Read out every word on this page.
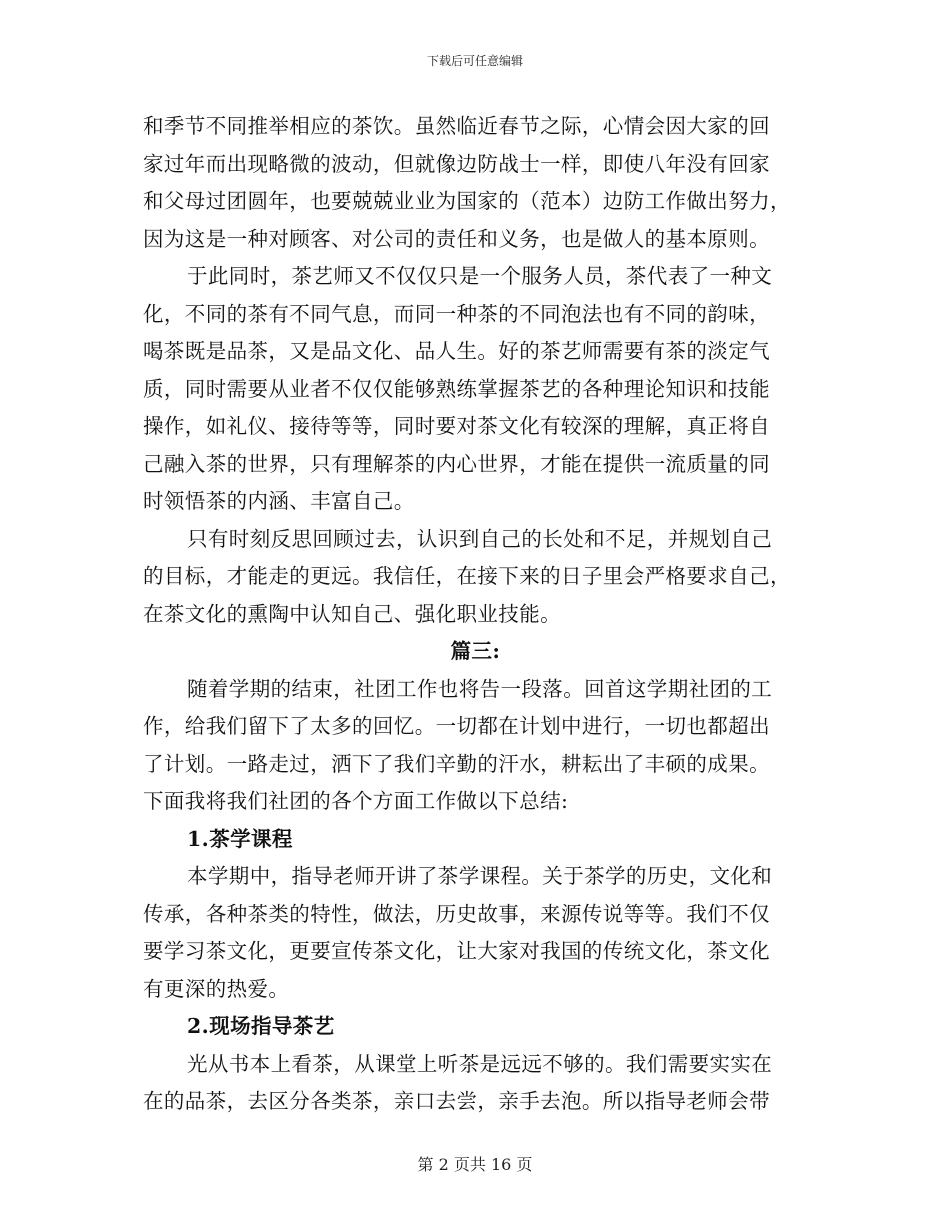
下载后可任意编辑
和季节不同推举相应的茶饮。虽然临近春节之际，心情会因大家的回
家过年而出现略微的波动，但就像边防战士一样，即使八年没有回家
和父母过团圆年，也要兢兢业业为国家的（范本）边防工作做出努力，
因为这是一种对顾客、对公司的责任和义务，也是做人的基本原则。
于此同时，茶艺师又不仅仅只是一个服务人员，茶代表了一种文
化，不同的茶有不同气息，而同一种茶的不同泡法也有不同的韵味，
喝茶既是品茶，又是品文化、品人生。好的茶艺师需要有茶的淡定气
质，同时需要从业者不仅仅能够熟练掌握茶艺的各种理论知识和技能
操作，如礼仪、接待等等，同时要对茶文化有较深的理解，真正将自
己融入茶的世界，只有理解茶的内心世界，才能在提供一流质量的同
时领悟茶的内涵、丰富自己。
只有时刻反思回顾过去，认识到自己的长处和不足，并规划自己
的目标，才能走的更远。我信任，在接下来的日子里会严格要求自己，
在茶文化的熏陶中认知自己、强化职业技能。
篇三:
随着学期的结束，社团工作也将告一段落。回首这学期社团的工
作，给我们留下了太多的回忆。一切都在计划中进行，一切也都超出
了计划。一路走过，洒下了我们辛勤的汗水，耕耘出了丰硕的成果。
下面我将我们社团的各个方面工作做以下总结:
1.茶学课程
本学期中，指导老师开讲了茶学课程。关于茶学的历史，文化和
传承，各种茶类的特性，做法，历史故事，来源传说等等。我们不仅
要学习茶文化，更要宣传茶文化，让大家对我国的传统文化，茶文化
有更深的热爱。
2.现场指导茶艺
光从书本上看茶，从课堂上听茶是远远不够的。我们需要实实在
在的品茶，去区分各类茶，亲口去尝，亲手去泡。所以指导老师会带
第 2 页共 16 页
